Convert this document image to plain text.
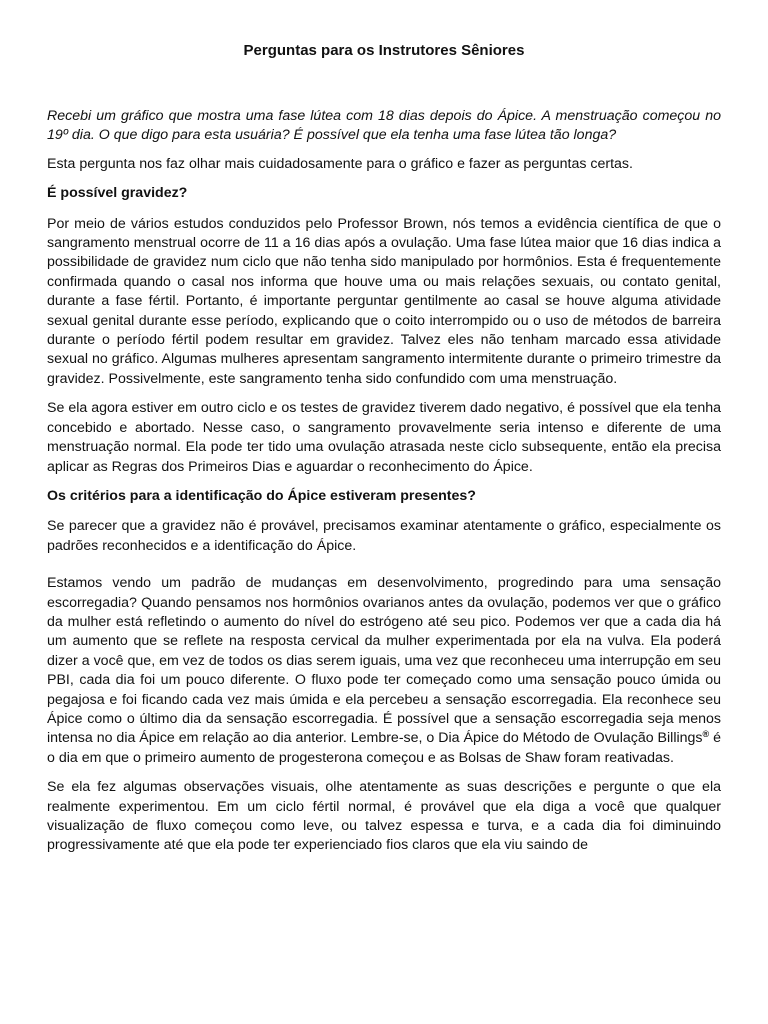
Perguntas para os Instrutores Sêniores

Recebi um gráfico que mostra uma fase lútea com 18 dias depois do Ápice. A menstruação começou no 19º dia. O que digo para esta usuária? É possível que ela tenha uma fase lútea tão longa?

Esta pergunta nos faz olhar mais cuidadosamente para o gráfico e fazer as perguntas certas.

É possível gravidez?

Por meio de vários estudos conduzidos pelo Professor Brown, nós temos a evidência científica de que o sangramento menstrual ocorre de 11 a 16 dias após a ovulação. Uma fase lútea maior que 16 dias indica a possibilidade de gravidez num ciclo que não tenha sido manipulado por hormônios. Esta é frequentemente confirmada quando o casal nos informa que houve uma ou mais relações sexuais, ou contato genital, durante a fase fértil. Portanto, é importante perguntar gentilmente ao casal se houve alguma atividade sexual genital durante esse período, explicando que o coito interrompido ou o uso de métodos de barreira durante o período fértil podem resultar em gravidez. Talvez eles não tenham marcado essa atividade sexual no gráfico. Algumas mulheres apresentam sangramento intermitente durante o primeiro trimestre da gravidez. Possivelmente, este sangramento tenha sido confundido com uma menstruação.

Se ela agora estiver em outro ciclo e os testes de gravidez tiverem dado negativo, é possível que ela tenha concebido e abortado. Nesse caso, o sangramento provavelmente seria intenso e diferente de uma menstruação normal. Ela pode ter tido uma ovulação atrasada neste ciclo subsequente, então ela precisa aplicar as Regras dos Primeiros Dias e aguardar o reconhecimento do Ápice.

Os critérios para a identificação do Ápice estiveram presentes?

Se parecer que a gravidez não é provável, precisamos examinar atentamente o gráfico, especialmente os padrões reconhecidos e a identificação do Ápice.

Estamos vendo um padrão de mudanças em desenvolvimento, progredindo para uma sensação escorregadia? Quando pensamos nos hormônios ovarianos antes da ovulação, podemos ver que o gráfico da mulher está refletindo o aumento do nível do estrógeno até seu pico. Podemos ver que a cada dia há um aumento que se reflete na resposta cervical da mulher experimentada por ela na vulva. Ela poderá dizer a você que, em vez de todos os dias serem iguais, uma vez que reconheceu uma interrupção em seu PBI, cada dia foi um pouco diferente. O fluxo pode ter começado como uma sensação pouco úmida ou pegajosa e foi ficando cada vez mais úmida e ela percebeu a sensação escorregadia. Ela reconhece seu Ápice como o último dia da sensação escorregadia. É possível que a sensação escorregadia seja menos intensa no dia Ápice em relação ao dia anterior. Lembre-se, o Dia Ápice do Método de Ovulação Billings® é o dia em que o primeiro aumento de progesterona começou e as Bolsas de Shaw foram reativadas.

Se ela fez algumas observações visuais, olhe atentamente as suas descrições e pergunte o que ela realmente experimentou. Em um ciclo fértil normal, é provável que ela diga a você que qualquer visualização de fluxo começou como leve, ou talvez espessa e turva, e a cada dia foi diminuindo progressivamente até que ela pode ter experienciado fios claros que ela viu saindo de
